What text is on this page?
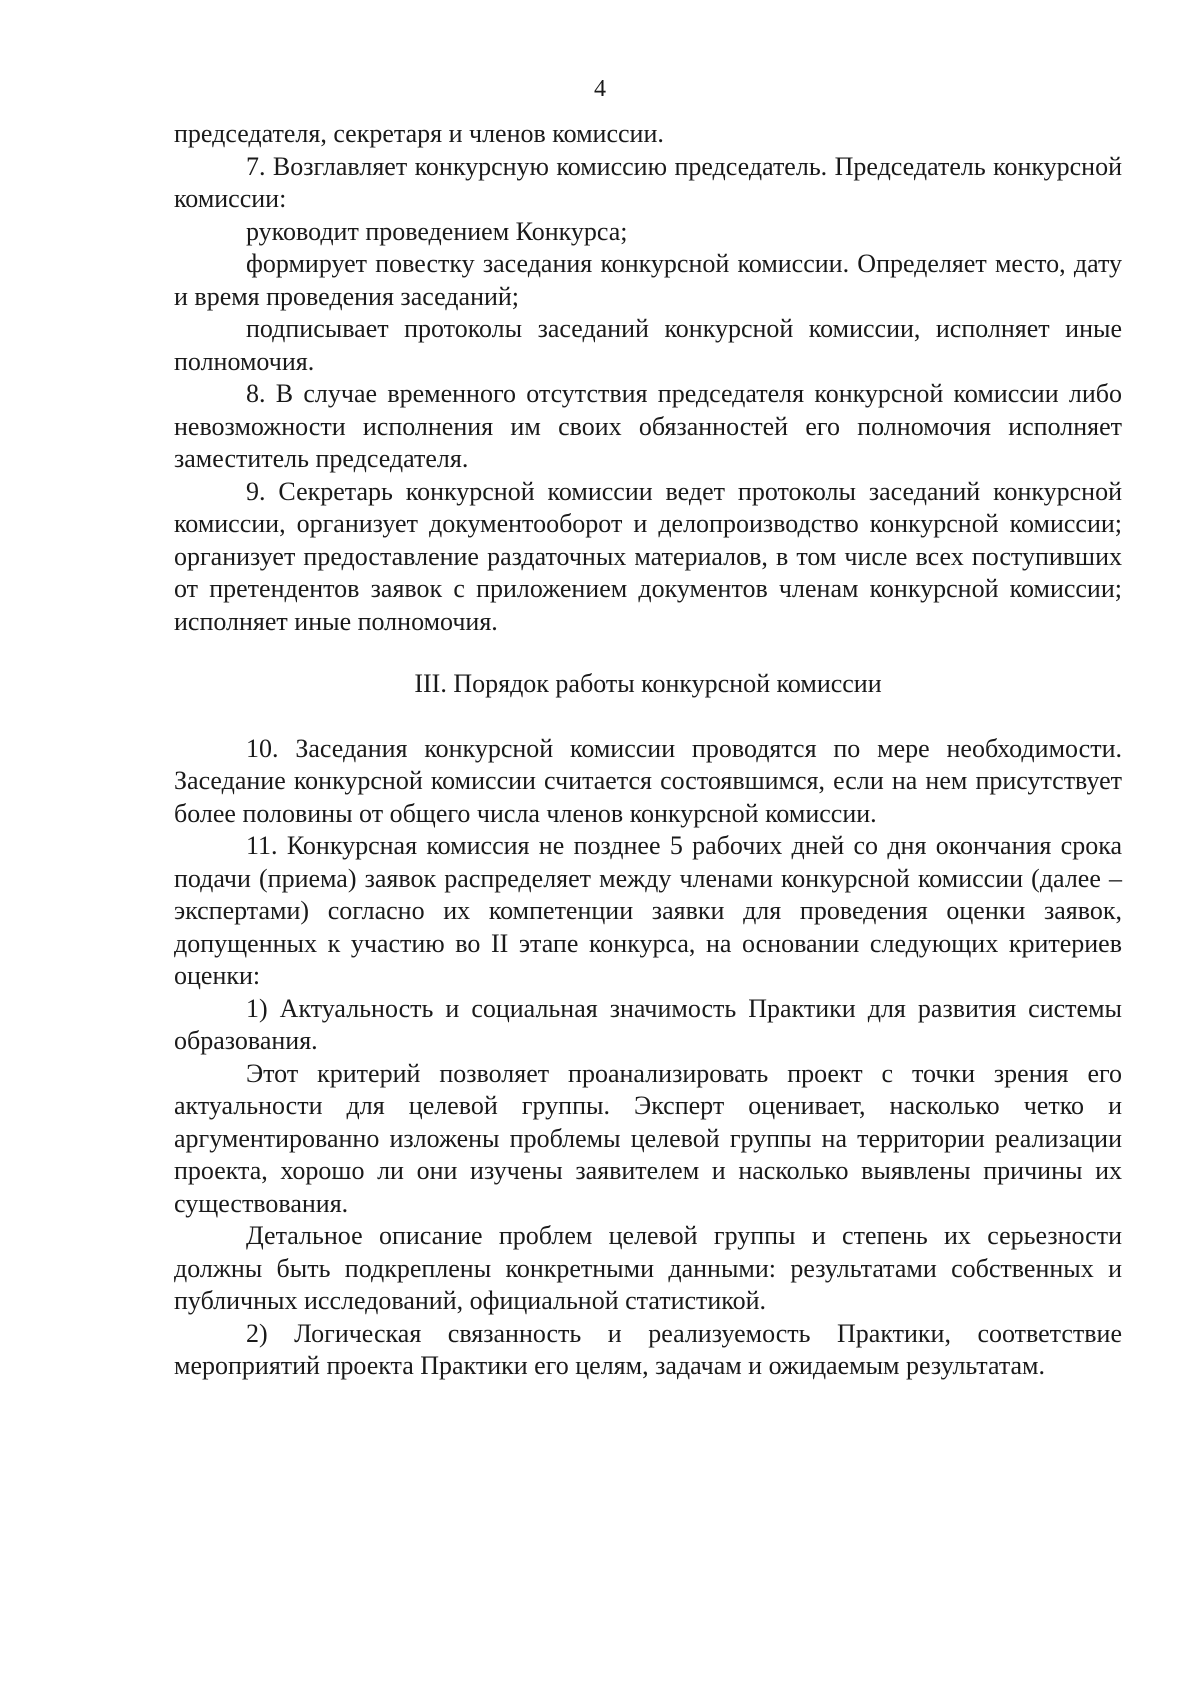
4

председателя, секретаря и членов комиссии.

7. Возглавляет конкурсную комиссию председатель. Председатель конкурсной комиссии:

руководит проведением Конкурса;

формирует повестку заседания конкурсной комиссии. Определяет место, дату и время проведения заседаний;

подписывает протоколы заседаний конкурсной комиссии, исполняет иные полномочия.

8. В случае временного отсутствия председателя конкурсной комиссии либо невозможности исполнения им своих обязанностей его полномочия исполняет заместитель председателя.

9. Секретарь конкурсной комиссии ведет протоколы заседаний конкурсной комиссии, организует документооборот и делопроизводство конкурсной комиссии; организует предоставление раздаточных материалов, в том числе всех поступивших от претендентов заявок с приложением документов членам конкурсной комиссии; исполняет иные полномочия.

III. Порядок работы конкурсной комиссии

10. Заседания конкурсной комиссии проводятся по мере необходимости. Заседание конкурсной комиссии считается состоявшимся, если на нем присутствует более половины от общего числа членов конкурсной комиссии.

11. Конкурсная комиссия не позднее 5 рабочих дней со дня окончания срока подачи (приема) заявок распределяет между членами конкурсной комиссии (далее – экспертами) согласно их компетенции заявки для проведения оценки заявок, допущенных к участию во II этапе конкурса, на основании следующих критериев оценки:

1) Актуальность и социальная значимость Практики для развития системы образования.

Этот критерий позволяет проанализировать проект с точки зрения его актуальности для целевой группы. Эксперт оценивает, насколько четко и аргументированно изложены проблемы целевой группы на территории реализации проекта, хорошо ли они изучены заявителем и насколько выявлены причины их существования.

Детальное описание проблем целевой группы и степень их серьезности должны быть подкреплены конкретными данными: результатами собственных и публичных исследований, официальной статистикой.

2) Логическая связанность и реализуемость Практики, соответствие мероприятий проекта Практики его целям, задачам и ожидаемым результатам.
